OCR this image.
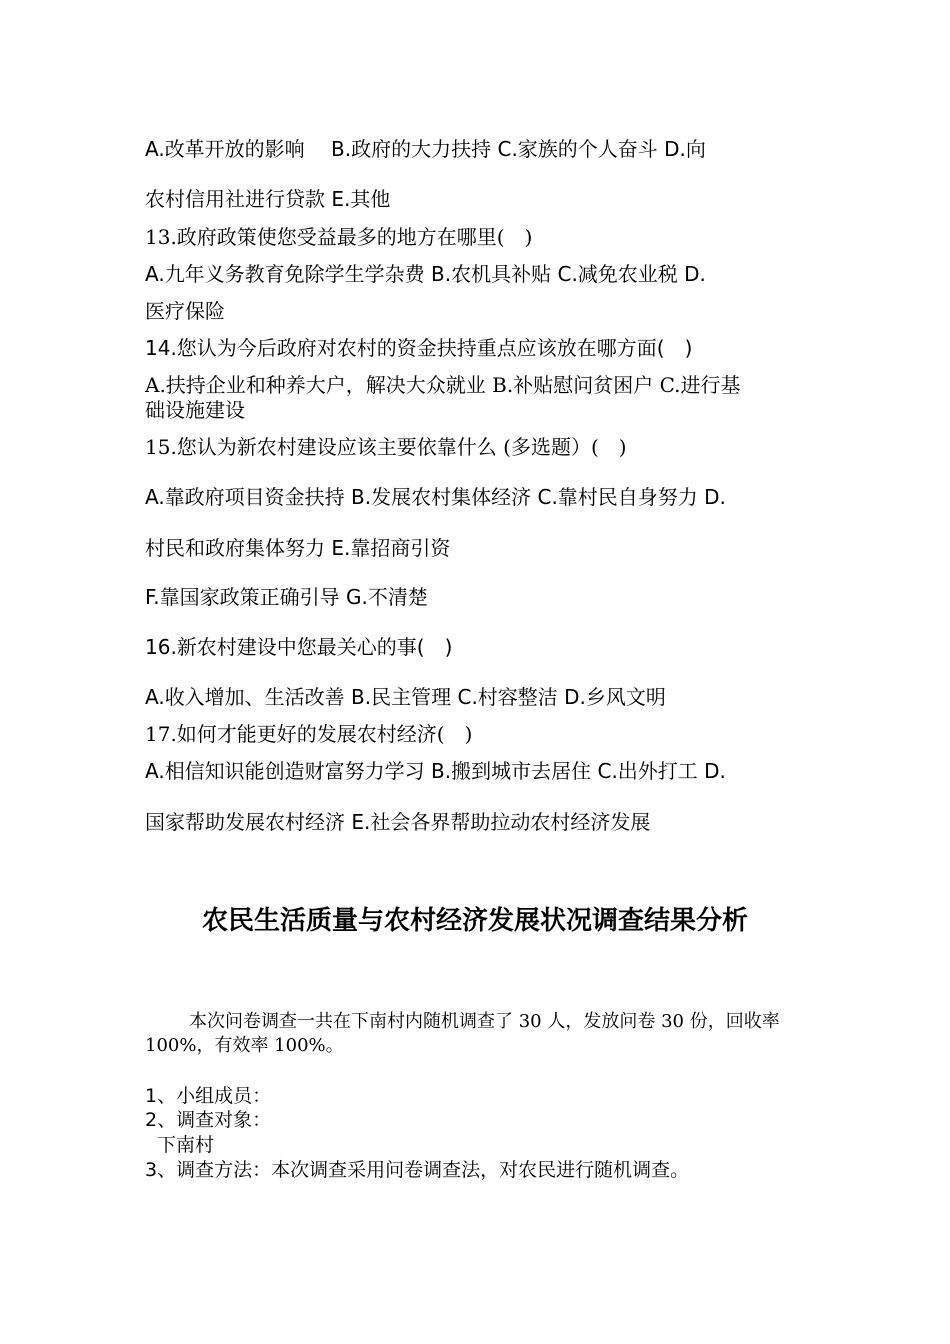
A.改革开放的影响　 B.政府的大力扶持 C.家族的个人奋斗 D.向
农村信用社进行贷款 E.其他
13.政府政策使您受益最多的地方在哪里(　)
A.九年义务教育免除学生学杂费 B.农机具补贴 C.减免农业税 D.
医疗保险
14.您认为今后政府对农村的资金扶持重点应该放在哪方面(　)
A.扶持企业和种养大户，解决大众就业 B.补贴慰问贫困户 C.进行基
础设施建设
15.您认为新农村建设应该主要依靠什么 (多选题）(　)
A.靠政府项目资金扶持 B.发展农村集体经济 C.靠村民自身努力 D.
村民和政府集体努力 E.靠招商引资
F.靠国家政策正确引导 G.不清楚
16.新农村建设中您最关心的事(　)
A.收入增加、生活改善 B.民主管理 C.村容整洁 D.乡风文明
17.如何才能更好的发展农村经济(　)
A.相信知识能创造财富努力学习 B.搬到城市去居住 C.出外打工 D.
国家帮助发展农村经济 E.社会各界帮助拉动农村经济发展
农民生活质量与农村经济发展状况调查结果分析
本次问卷调查一共在下南村内随机调查了 30 人，发放问卷 30 份，回收率 100%，有效率 100%。
1、小组成员：
2、调查对象：
下南村
3、调查方法：本次调查采用问卷调查法，对农民进行随机调查。
